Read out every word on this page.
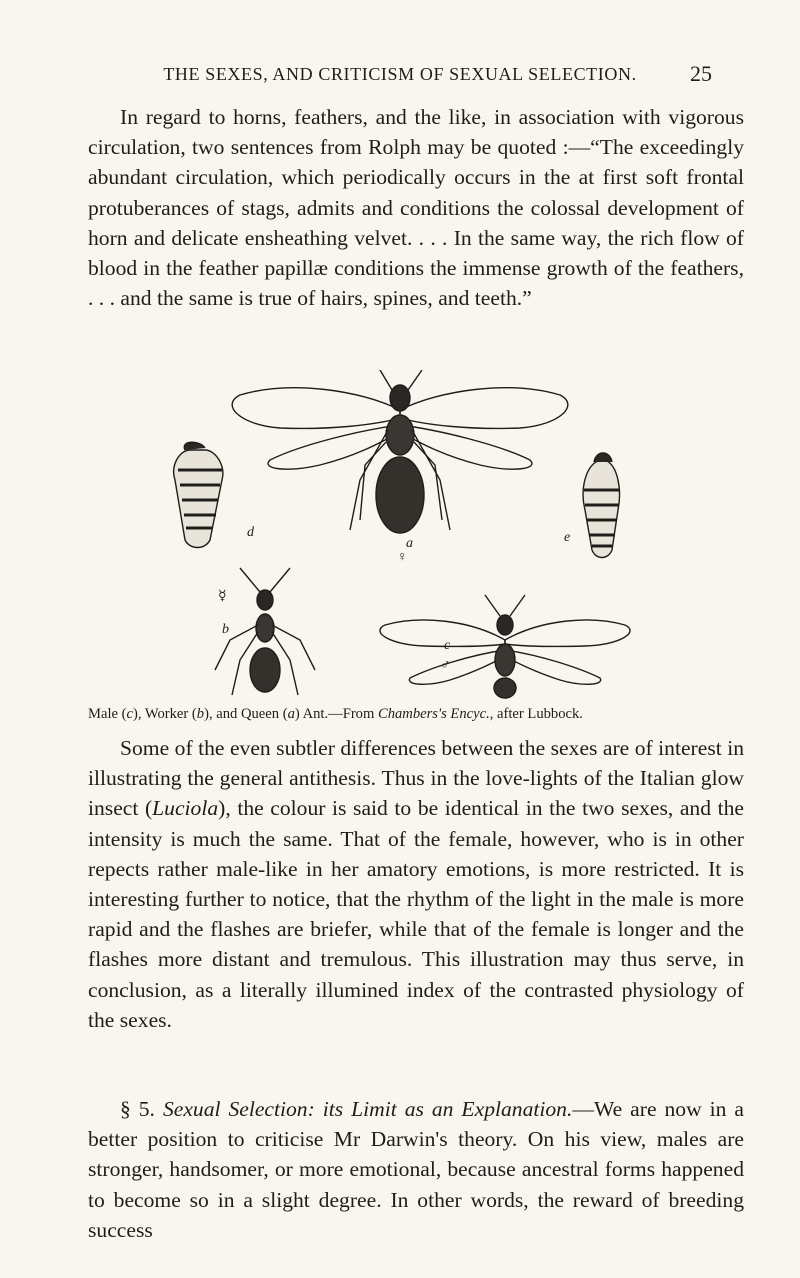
THE SEXES, AND CRITICISM OF SEXUAL SELECTION.	25

In regard to horns, feathers, and the like, in association with vigorous circulation, two sentences from Rolph may be quoted :—“The exceedingly abundant circulation, which periodically occurs in the at first soft frontal protuberances of stags, admits and conditions the colossal development of horn and delicate ensheathing velvet. . . . In the same way, the rich flow of blood in the feather papillæ conditions the immense growth of the feathers, . . . and the same is true of hairs, spines, and teeth.”

d
a
♀
e
☿
b
c
♂
Male (c), Worker (b), and Queen (a) Ant.—From Chambers's Encyc., after Lubbock.

Some of the even subtler differences between the sexes are of interest in illustrating the general antithesis. Thus in the love-lights of the Italian glow insect (Luciola), the colour is said to be identical in the two sexes, and the intensity is much the same. That of the female, however, who is in other repects rather male-like in her amatory emotions, is more restricted. It is interesting further to notice, that the rhythm of the light in the male is more rapid and the flashes are briefer, while that of the female is longer and the flashes more distant and tremulous. This illustration may thus serve, in conclusion, as a literally illumined index of the contrasted physiology of the sexes.

§ 5. Sexual Selection: its Limit as an Explanation.—We are now in a better position to criticise Mr Darwin's theory. On his view, males are stronger, handsomer, or more emotional, because ancestral forms happened to become so in a slight degree. In other words, the reward of breeding success
